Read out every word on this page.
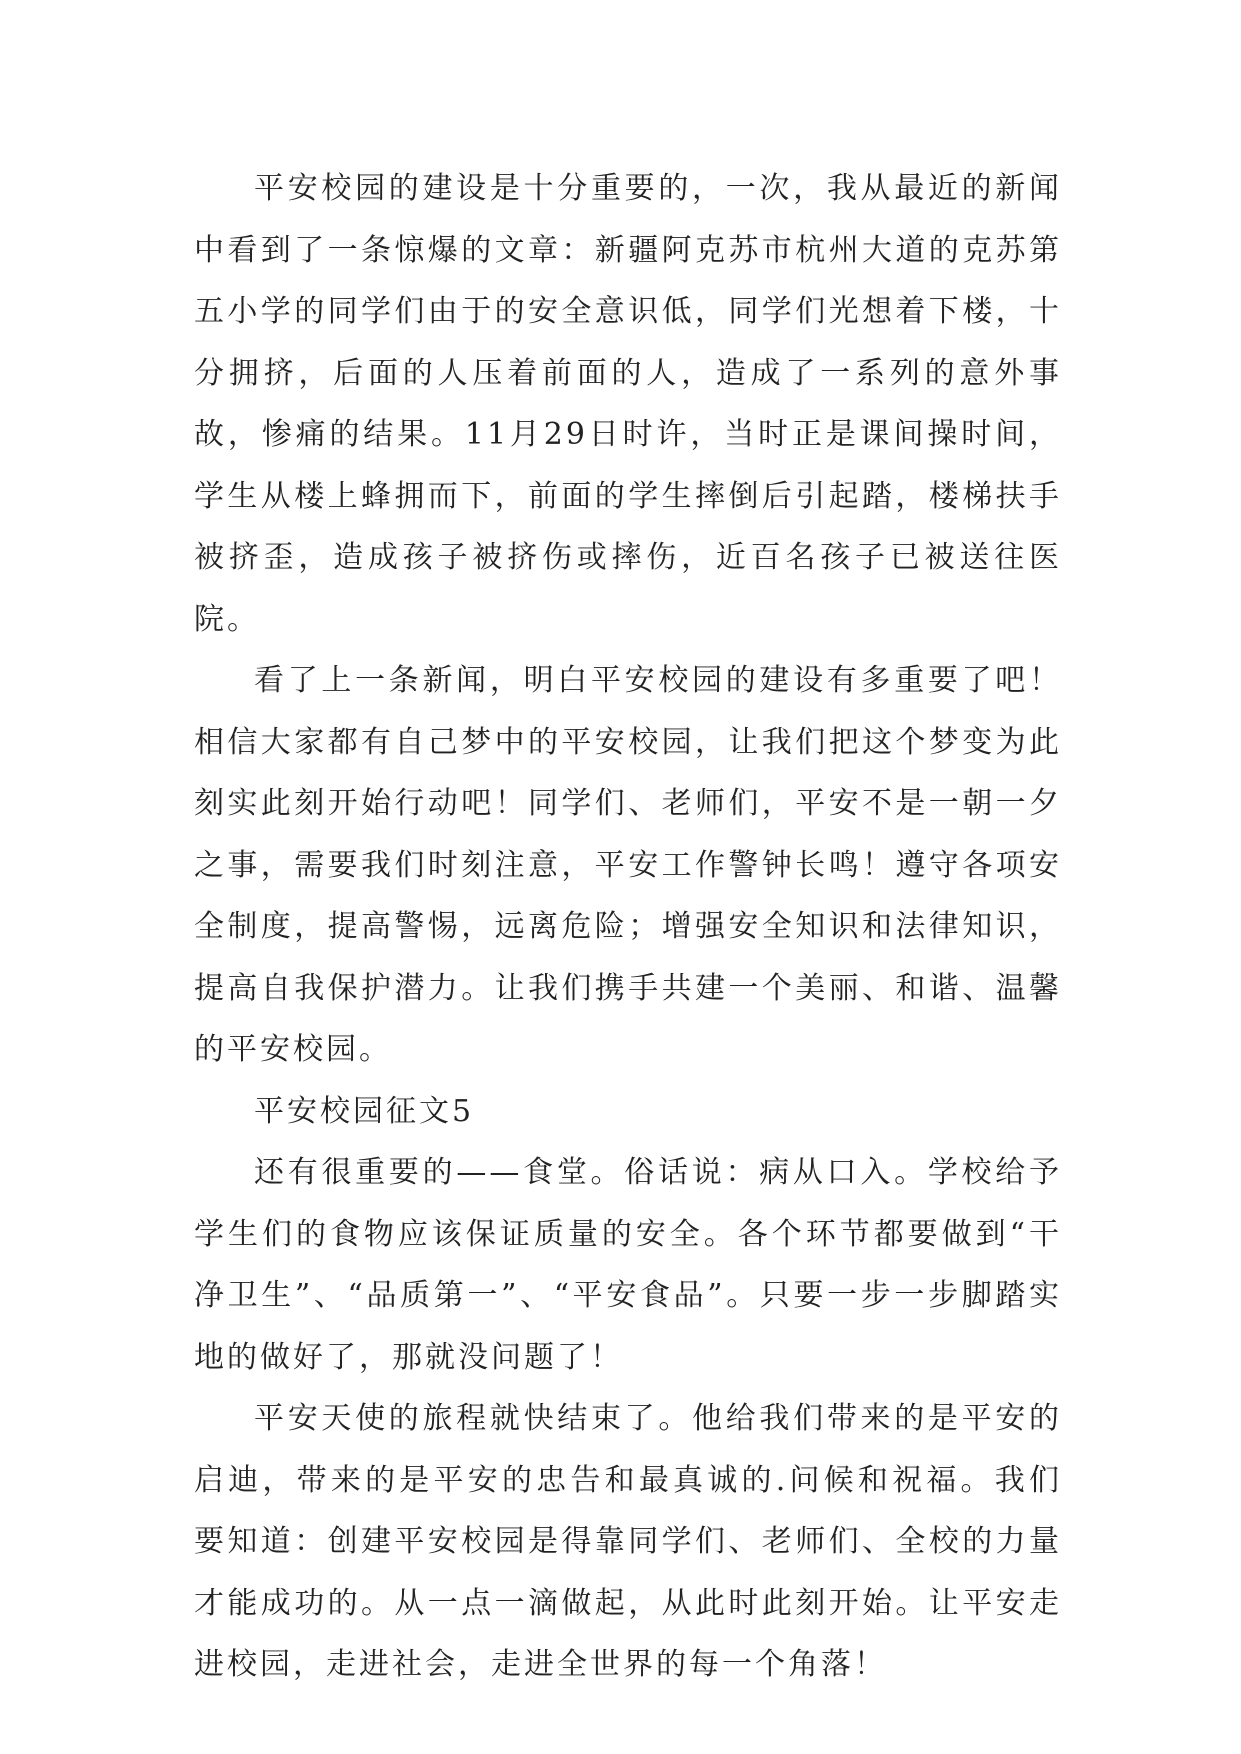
平安校园的建设是十分重要的，一次，我从最近的新闻中看到了一条惊爆的文章：新疆阿克苏市杭州大道的克苏第五小学的同学们由于的安全意识低，同学们光想着下楼，十分拥挤，后面的人压着前面的人，造成了一系列的意外事故，惨痛的结果。11月29日时许，当时正是课间操时间，学生从楼上蜂拥而下，前面的学生摔倒后引起踏，楼梯扶手被挤歪，造成孩子被挤伤或摔伤，近百名孩子已被送往医院。

看了上一条新闻，明白平安校园的建设有多重要了吧！相信大家都有自己梦中的平安校园，让我们把这个梦变为此刻实此刻开始行动吧！同学们、老师们，平安不是一朝一夕之事，需要我们时刻注意，平安工作警钟长鸣！遵守各项安全制度，提高警惕，远离危险；增强安全知识和法律知识，提高自我保护潜力。让我们携手共建一个美丽、和谐、温馨的平安校园。

平安校园征文5

还有很重要的——食堂。俗话说：病从口入。学校给予学生们的食物应该保证质量的安全。各个环节都要做到“干净卫生”、“品质第一”、“平安食品”。只要一步一步脚踏实地的做好了，那就没问题了！

平安天使的旅程就快结束了。他给我们带来的是平安的启迪，带来的是平安的忠告和最真诚的.问候和祝福。我们要知道：创建平安校园是得靠同学们、老师们、全校的力量才能成功的。从一点一滴做起，从此时此刻开始。让平安走进校园，走进社会，走进全世界的每一个角落！
